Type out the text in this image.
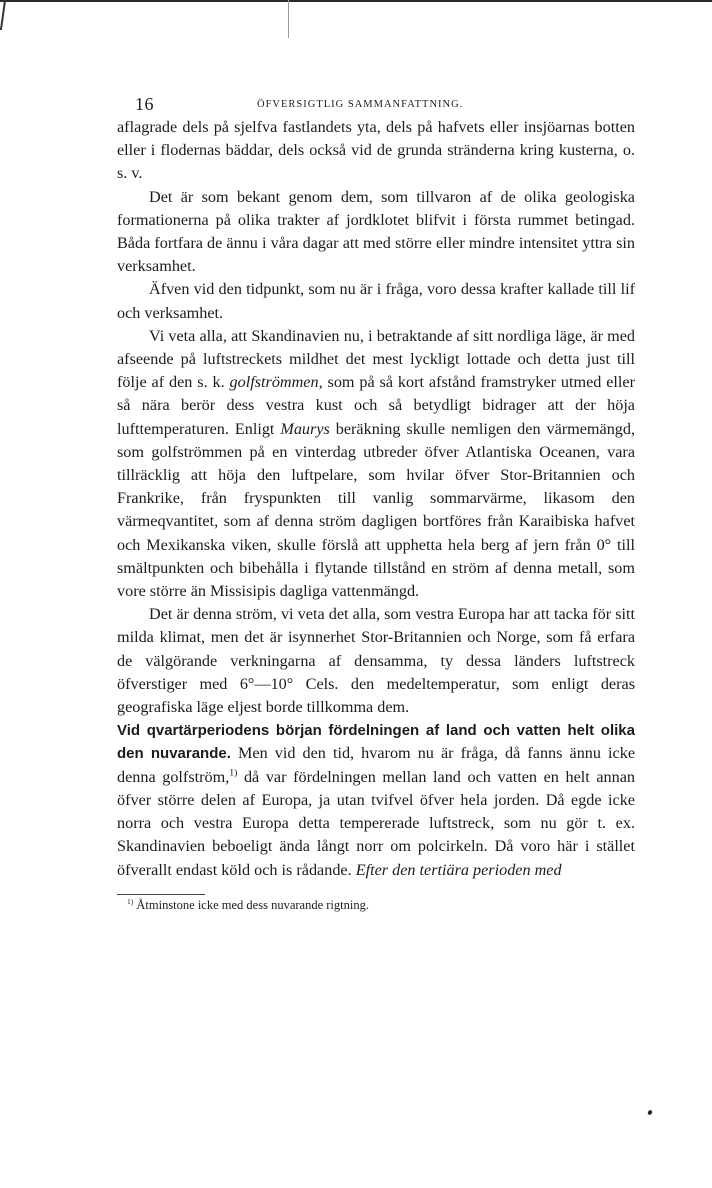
16	ÖFVERSIGTLIG SAMMANFATTNING.

aflagrade dels på sjelfva fastlandets yta, dels på hafvets eller insjöarnas botten eller i flodernas bäddar, dels också vid de grunda stränderna kring kusterna, o. s. v.

Det är som bekant genom dem, som tillvaron af de olika geologiska formationerna på olika trakter af jordklotet blifvit i första rummet betingad. Båda fortfara de ännu i våra dagar att med större eller mindre intensitet yttra sin verksamhet.

Äfven vid den tidpunkt, som nu är i fråga, voro dessa krafter kallade till lif och verksamhet.

Vi veta alla, att Skandinavien nu, i betraktande af sitt nordliga läge, är med afseende på luftstreckets mildhet det mest lyckligt lottade och detta just till följe af den s. k. golfströmmen, som på så kort afstånd framstryker utmed eller så nära berör dess vestra kust och så betydligt bidrager att der höja lufttemperaturen. Enligt Maurys beräkning skulle nemligen den värmemängd, som golfströmmen på en vinterdag utbreder öfver Atlantiska Oceanen, vara tillräcklig att höja den luftpelare, som hvilar öfver Stor-Britannien och Frankrike, från fryspunkten till vanlig sommarvärme, likasom den värmeqvantitet, som af denna ström dagligen bortföres från Karaibiska hafvet och Mexikanska viken, skulle förslå att upphetta hela berg af jern från 0° till smältpunkten och bibehålla i flytande tillstånd en ström af denna metall, som vore större än Missisipis dagliga vattenmängd.

Det är denna ström, vi veta det alla, som vestra Europa har att tacka för sitt milda klimat, men det är isynnerhet Stor-Britannien och Norge, som få erfara de välgörande verkningarna af densamma, ty dessa länders luftstreck öfverstiger med 6°—10° Cels. den medeltemperatur, som enligt deras geografiska läge eljest borde tillkomma dem.

Vid qvartärperiodens början fördelningen af land och vatten helt olika den nuvarande. Men vid den tid, hvarom nu är fråga, då fanns ännu icke denna golfström,$^{1)}$ då var fördelningen mellan land och vatten en helt annan öfver större delen af Europa, ja utan tvifvel öfver hela jorden. Då egde icke norra och vestra Europa detta tempererade luftstreck, som nu gör t. ex. Skandinavien beboeligt ända långt norr om polcirkeln. Då voro här i stället öfverallt endast köld och is rådande. Efter den tertiära perioden med

$^{1)}$ Åtminstone icke med dess nuvarande rigtning.
